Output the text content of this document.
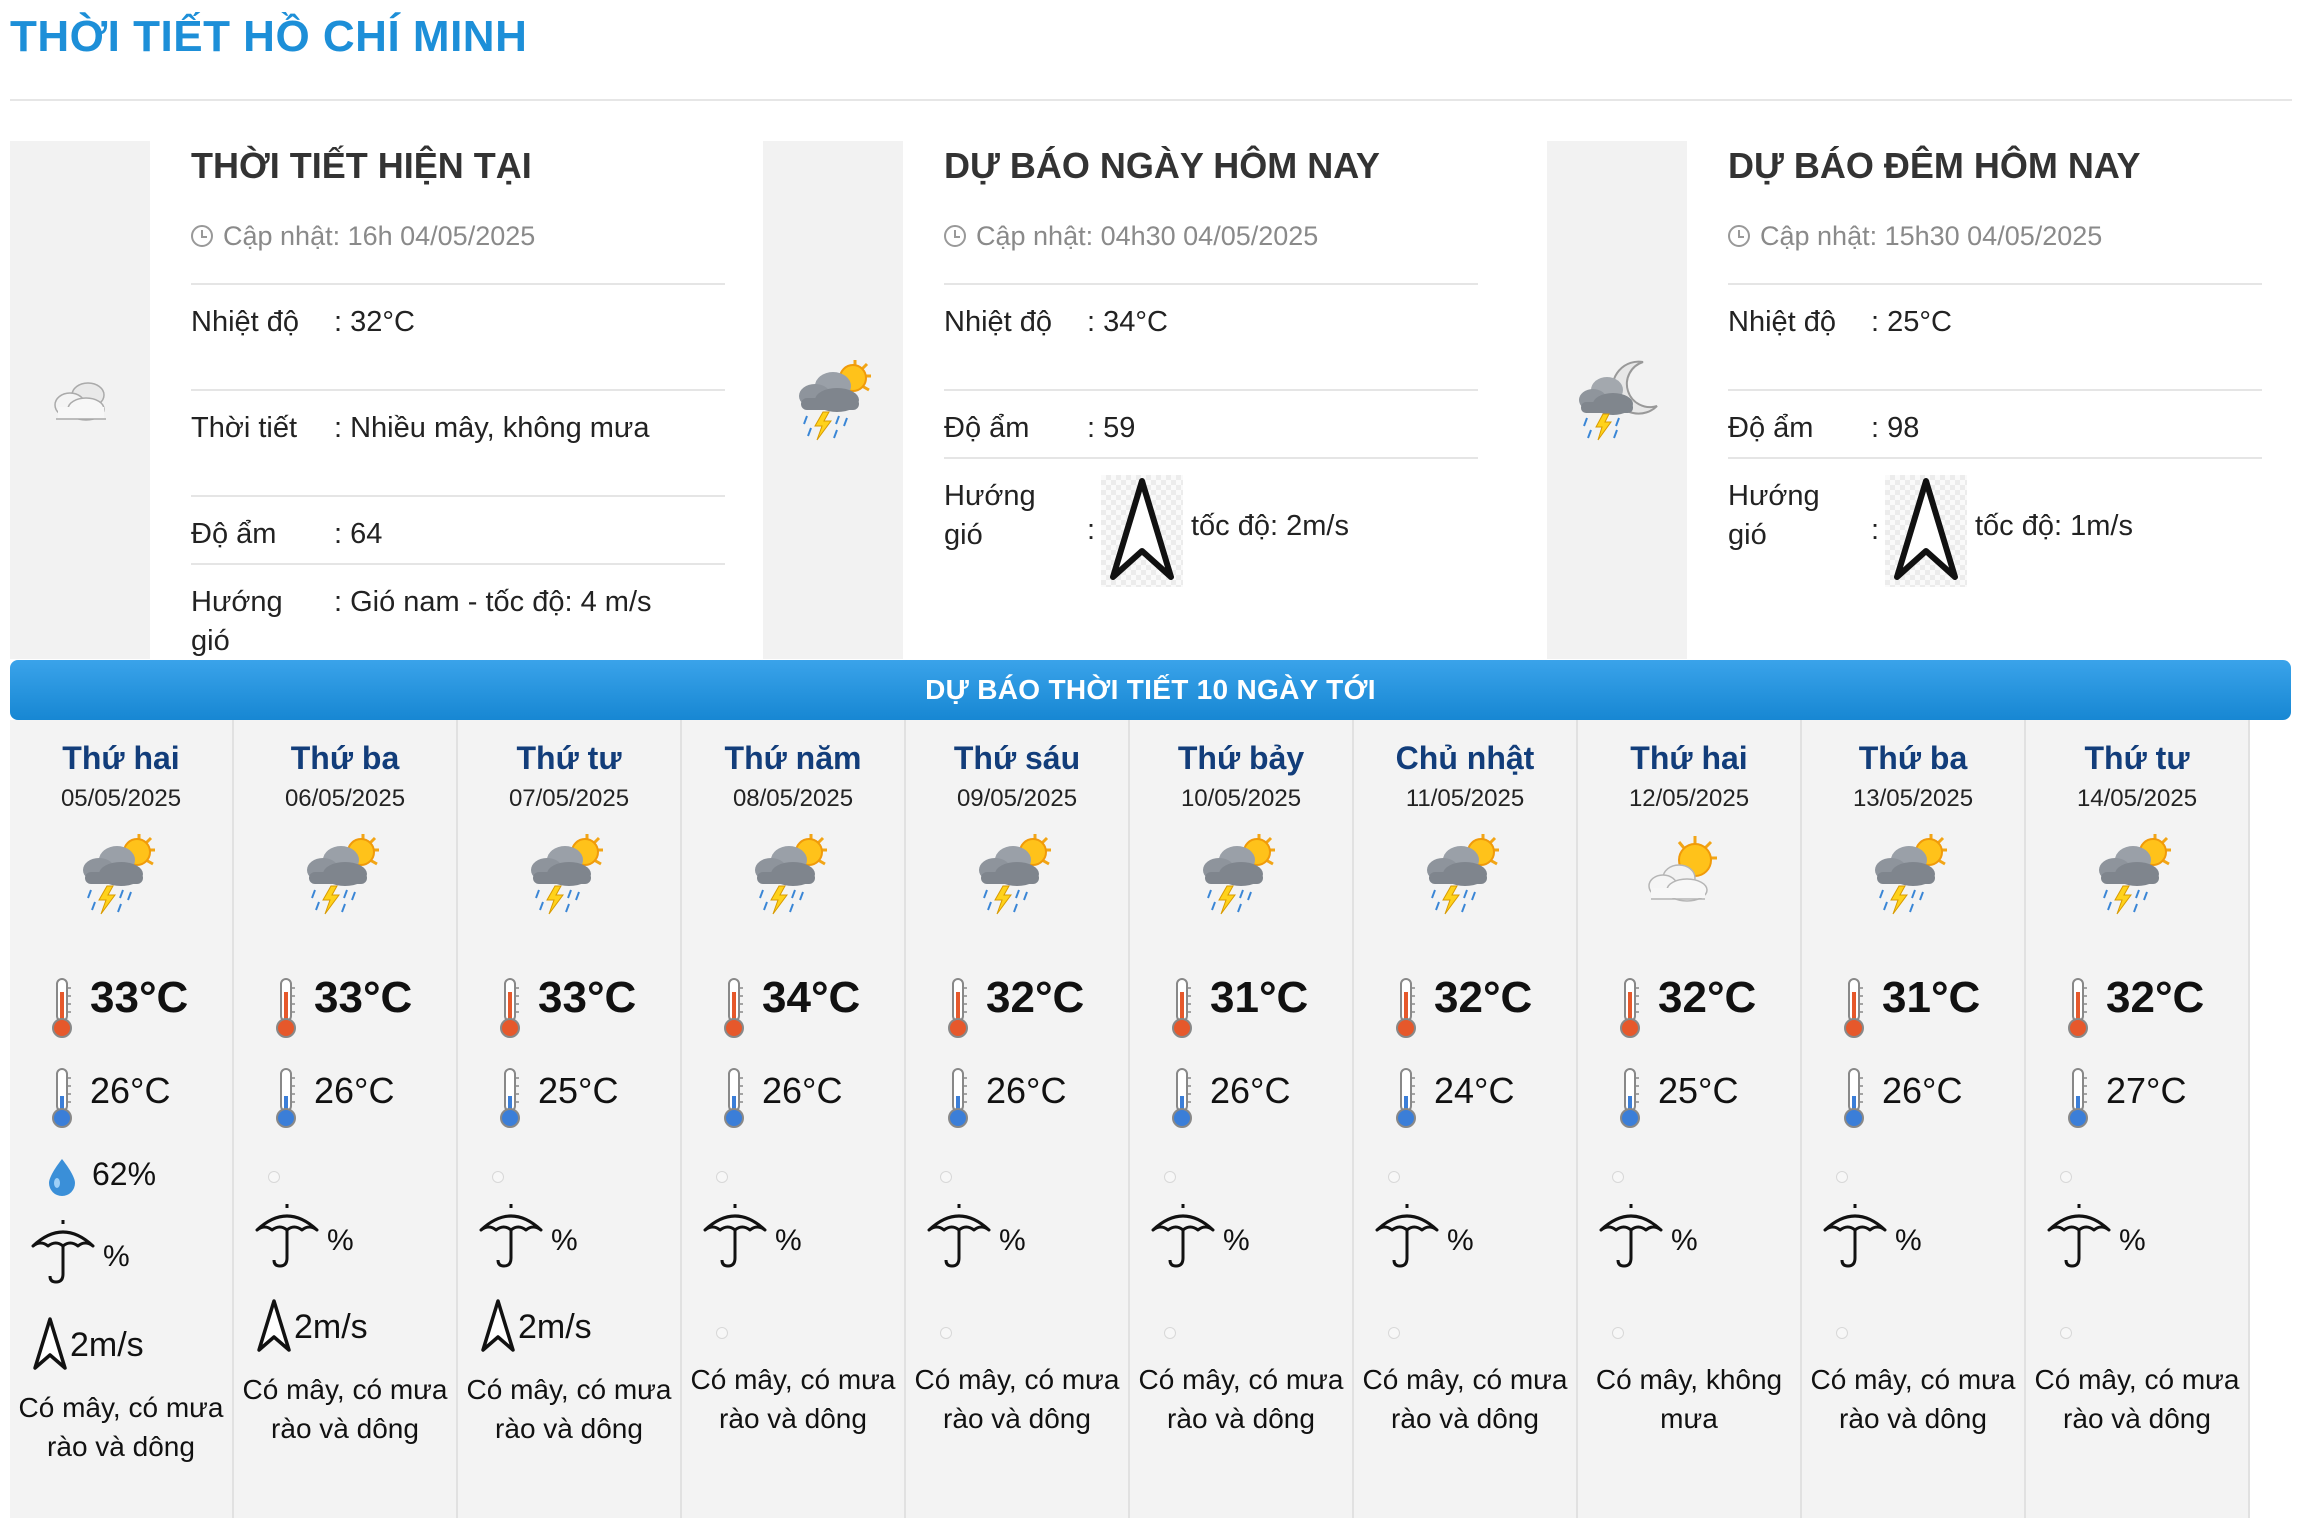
THỜI TIẾT HỒ CHÍ MINH
THỜI TIẾT HIỆN TẠI
Cập nhật: 16h 04/05/2025
Nhiệt độ	: 32°C
Thời tiết	: Nhiều mây, không mưa
Độ ẩm	: 64
Hướng gió
: Gió nam - tốc độ: 4 m/s
DỰ BÁO NGÀY HÔM NAY
Cập nhật: 04h30 04/05/2025
Nhiệt độ	: 34°C
Độ ẩm	: 59
Hướng gió	:	tốc độ: 2m/s
DỰ BÁO ĐÊM HÔM NAY
Cập nhật: 15h30 04/05/2025
Nhiệt độ	: 25°C
Độ ẩm	: 98
Hướng gió	:	tốc độ: 1m/s
DỰ BÁO THỜI TIẾT 10 NGÀY TỚI
Thứ hai
05/05/2025
33°C
26°C
62%
%
2m/s
Có mây, có mưa rào và dông
Thứ ba
06/05/2025
33°C
26°C
%
2m/s
Có mây, có mưa rào và dông
Thứ tư
07/05/2025
33°C
25°C
%
2m/s
Có mây, có mưa rào và dông
Thứ năm
08/05/2025
34°C
26°C
%
Có mây, có mưa rào và dông
Thứ sáu
09/05/2025
32°C
26°C
%
Có mây, có mưa rào và dông
Thứ bảy
10/05/2025
31°C
26°C
%
Có mây, có mưa rào và dông
Chủ nhật
11/05/2025
32°C
24°C
%
Có mây, có mưa rào và dông
Thứ hai
12/05/2025
32°C
25°C
%
Có mây, không mưa
Thứ ba
13/05/2025
31°C
26°C
%
Có mây, có mưa rào và dông
Thứ tư
14/05/2025
32°C
27°C
%
Có mây, có mưa rào và dông
